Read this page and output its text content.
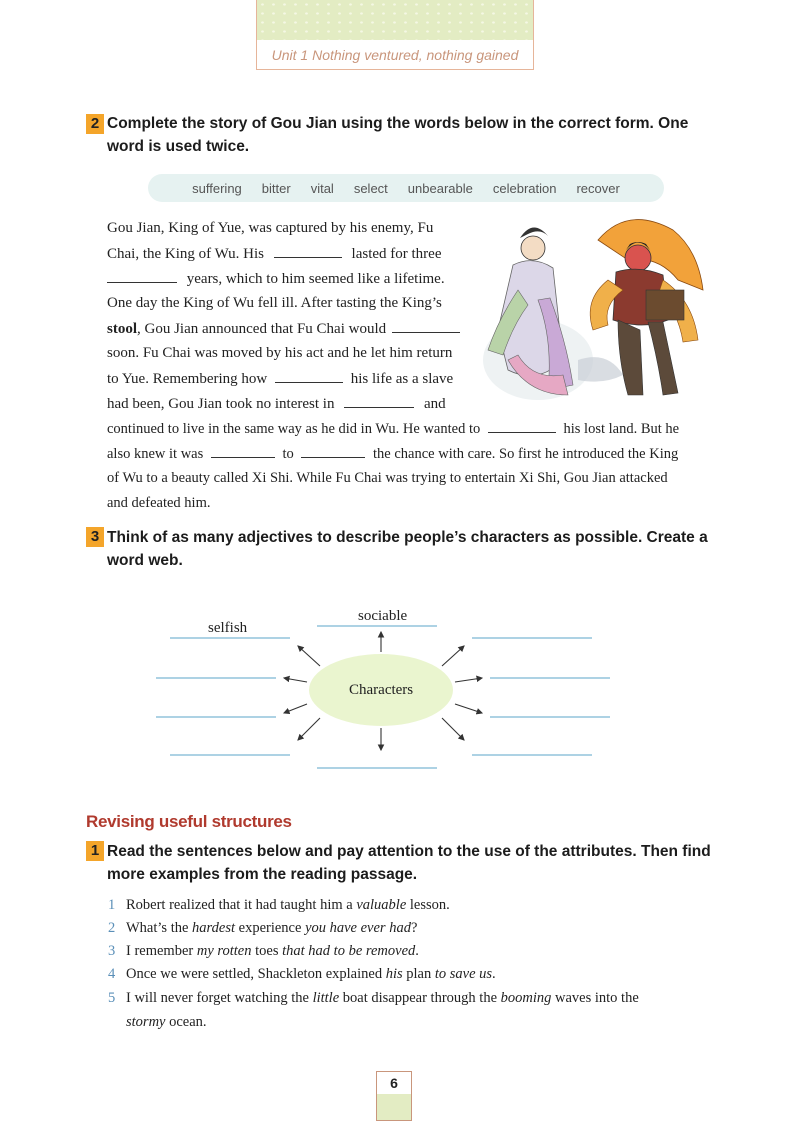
Unit 1 Nothing ventured, nothing gained
2 Complete the story of Gou Jian using the words below in the correct form. One
word is used twice.
suffering bitter vital select unbearable celebration recover
Gou Jian, King of Yue, was captured by his enemy, Fu
Chai, the King of Wu. His	lasted for three
years, which to him seemed like a lifetime.
One day the King of Wu fell ill. After tasting the King’s
stool, Gou Jian announced that Fu Chai would
soon. Fu Chai was moved by his act and he let him return
to Yue. Remembering how	his life as a slave
had been, Gou Jian took no interest in	and
continued to live in the same way as he did in Wu. He wanted to	his lost land. But he
also knew it was	to	the chance with care. So first he introduced the King
of Wu to a beauty called Xi Shi. While Fu Chai was trying to entertain Xi Shi, Gou Jian attacked
and defeated him.
3 Think of as many adjectives to describe people’s characters as possible. Create a
word web.
Characters
selfish
sociable
Revising useful structures
1 Read the sentences below and pay attention to the use of the attributes. Then find
more examples from the reading passage.
1 Robert realized that it had taught him a valuable lesson.
2 What’s the hardest experience you have ever had?
3 I remember my rotten toes that had to be removed.
4 Once we were settled, Shackleton explained his plan to save us.
5 I will never forget watching the little boat disappear through the booming waves into the
stormy ocean.
6
